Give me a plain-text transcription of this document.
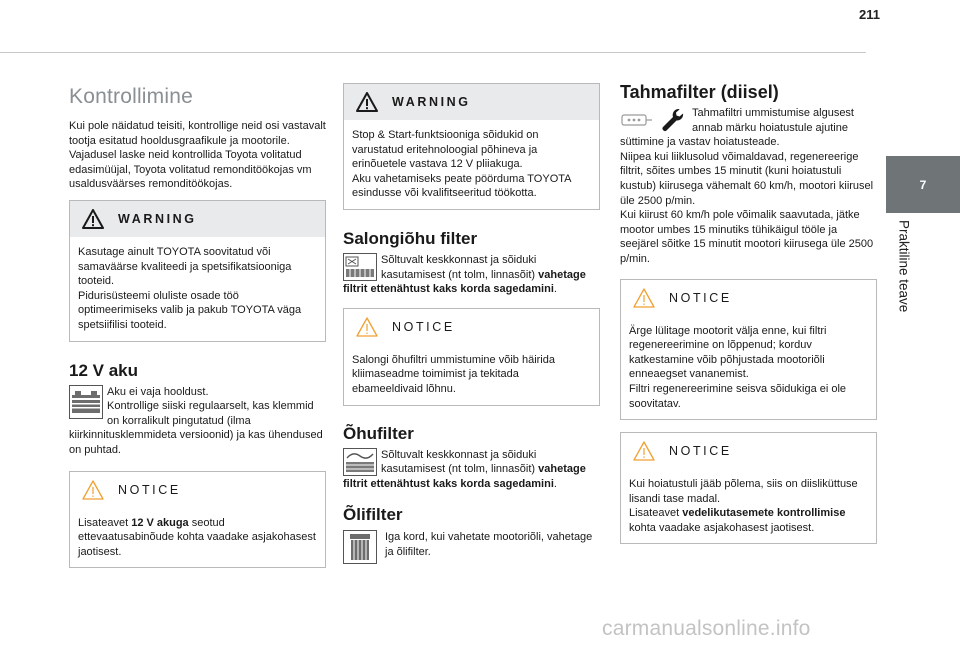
211
7
Praktiline teave
Kontrollimine

Kui pole näidatud teisiti, kontrollige neid osi vastavalt tootja esitatud hooldusgraafikule ja mootorile.
Vajadusel laske neid kontrollida Toyota volitatud edasimüüjal, Toyota volitatud remonditöökojas vm usaldusväärses remonditöökojas.

WARNING

Kasutage ainult TOYOTA soovitatud või samaväärse kvaliteedi ja spetsifikatsiooniga tooteid.
Pidurisüsteemi oluliste osade töö optimeerimiseks valib ja pakub TOYOTA väga spetsiifilisi tooteid.

12 V aku

Aku ei vaja hooldust.
Kontrollige siiski regulaarselt, kas klemmid on korralikult pingutatud (ilma kiirkinnitusklemmideta versioonid) ja kas ühendused on puhtad.

NOTICE

Lisateavet 12 V akuga seotud ettevaatusabinõude kohta vaadake asjakohasest jaotisest.

WARNING

Stop & Start-funktsiooniga sõidukid on varustatud eritehnoloogial põhineva ja erinõuetele vastava 12 V pliiakuga.
Aku vahetamiseks peate pöörduma TOYOTA esindusse või kvalifitseeritud töökotta.

Salongiõhu filter

Sõltuvalt keskkonnast ja sõiduki kasutamisest (nt tolm, linnasõit) vahetage filtrit ettenähtust kaks korda sagedamini.

NOTICE

Salongi õhufiltri ummistumine võib häirida kliimaseadme toimimist ja tekitada ebameeldivaid lõhnu.

Õhufilter

Sõltuvalt keskkonnast ja sõiduki kasutamisest (nt tolm, linnasõit) vahetage filtrit ettenähtust kaks korda sagedamini.

Õlifilter

Iga kord, kui vahetate mootoriõli, vahetage ja õlifilter.

Tahmafilter (diisel)

Tahmafiltri ummistumise algusest annab märku hoiatustule ajutine süttimine ja vastav hoiatusteade.
Niipea kui liiklusolud võimaldavad, regenereerige filtrit, sõites umbes 15 minutit (kuni hoiatustuli kustub) kiirusega vähemalt 60 km/h, mootori kiirusel üle 2500 p/min.
Kui kiirust 60 km/h pole võimalik saavutada, jätke mootor umbes 15 minutiks tühikäigul tööle ja seejärel sõitke 15 minutit mootori kiirusega üle 2500 p/min.

NOTICE

Ärge lülitage mootorit välja enne, kui filtri regenereerimine on lõppenud; korduv katkestamine võib põhjustada mootoriõli enneaegset vananemist.
Filtri regenereerimine seisva sõidukiga ei ole soovitatav.

NOTICE

Kui hoiatustuli jääb põlema, siis on diisliküttuse lisandi tase madal.
Lisateavet vedelikutasemete kontrollimise kohta vaadake asjakohasest jaotisest.

carmanualsonline.info
